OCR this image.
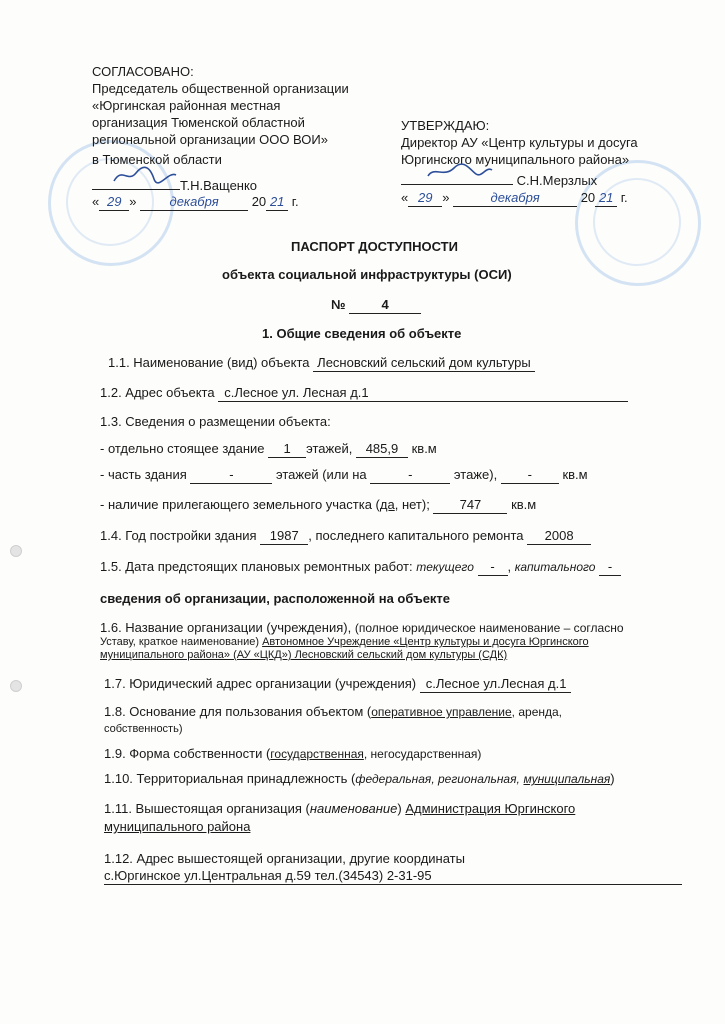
СОГЛАСОВАНО:
Председатель общественной организации
«Юргинская районная местная
организация Тюменской областной
региональной организации ООО ВОИ»
в Тюменской области
Т.Н.Ващенко
« 29 » декабря	20 21 г.
УТВЕРЖДАЮ:
Директор АУ «Центр культуры и досуга
Юргинского муниципального района»
С.Н.Мерзлых
« 29 »	декабря	20 21 г.
ПАСПОРТ ДОСТУПНОСТИ
объекта социальной инфраструктуры (ОСИ)
№	4
1. Общие сведения об объекте
1.1. Наименование (вид) объекта Лесновский сельский дом культуры
1.2. Адрес объекта с.Лесное ул. Лесная д.1
1.3. Сведения о размещении объекта:
- отдельно стоящее здание 1 этажей, 485,9 кв.м
- часть здания	-	этажей (или на	-	этаже), - кв.м
- наличие прилегающего земельного участка (да, нет); 747 кв.м
1.4. Год постройки здания 1987 , последнего капитального ремонта 2008
1.5. Дата предстоящих плановых ремонтных работ: текущего - , капитального -
сведения об организации, расположенной на объекте
1.6. Название организации (учреждения), (полное юридическое наименование – согласно
Уставу, краткое наименование) Автономное Учреждение «Центр культуры и досуга Юргинского
муниципального района» (АУ «ЦКД») Лесновский сельский дом культуры (СДК)
1.7. Юридический адрес организации (учреждения) с.Лесное ул.Лесная д.1
1.8. Основание для пользования объектом (оперативное управление, аренда,
собственность)
1.9. Форма собственности (государственная, негосударственная)
1.10. Территориальная принадлежность (федеральная, региональная, муниципальная)
1.11. Вышестоящая организация (наименование) Администрация Юргинского
муниципального района
1.12. Адрес вышестоящей организации, другие координаты
с.Юргинское ул.Центральная д.59 тел.(34543) 2-31-95
